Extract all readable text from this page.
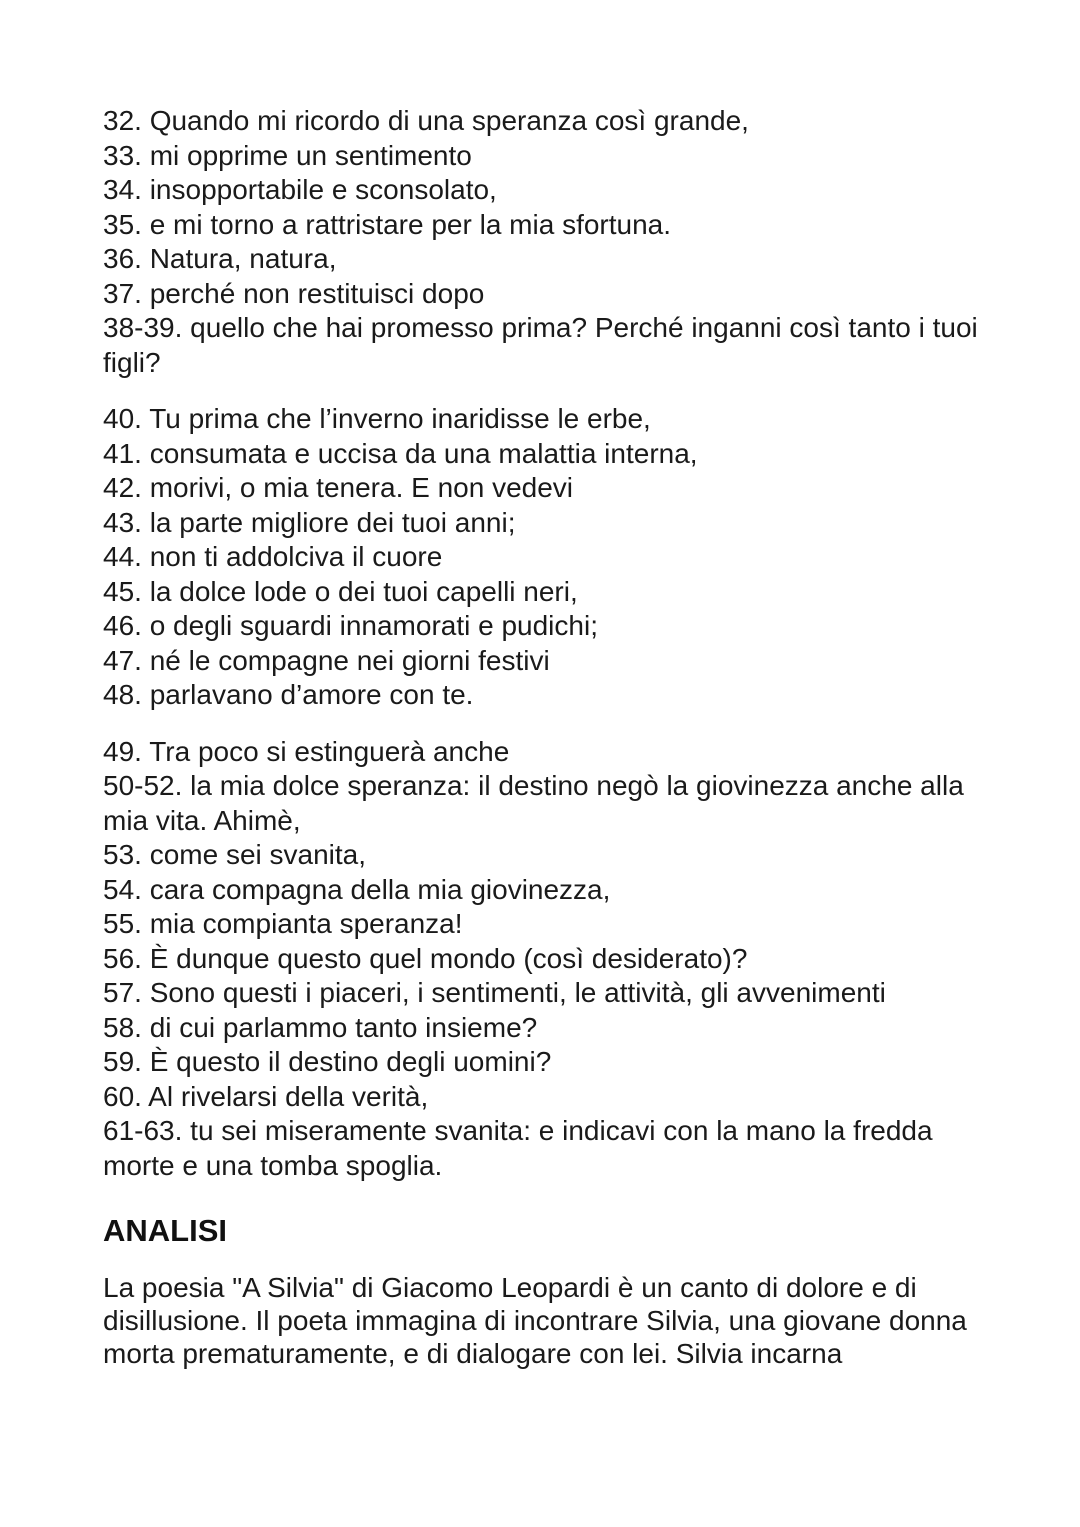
32. Quando mi ricordo di una speranza così grande,
33. mi opprime un sentimento
34. insopportabile e sconsolato,
35. e mi torno a rattristare per la mia sfortuna.
36. Natura, natura,
37. perché non restituisci dopo
38-39. quello che hai promesso prima? Perché inganni così tanto i tuoi figli?
40. Tu prima che l’inverno inaridisse le erbe,
41. consumata e uccisa da una malattia interna,
42. morivi, o mia tenera. E non vedevi
43. la parte migliore dei tuoi anni;
44. non ti addolciva il cuore
45. la dolce lode o dei tuoi capelli neri,
46. o degli sguardi innamorati e pudichi;
47. né le compagne nei giorni festivi
48. parlavano d’amore con te.
49. Tra poco si estinguerà anche
50-52. la mia dolce speranza: il destino negò la giovinezza anche alla mia vita. Ahimè,
53. come sei svanita,
54. cara compagna della mia giovinezza,
55. mia compianta speranza!
56. È dunque questo quel mondo (così desiderato)?
57. Sono questi i piaceri, i sentimenti, le attività, gli avvenimenti
58. di cui parlammo tanto insieme?
59. È questo il destino degli uomini?
60. Al rivelarsi della verità,
61-63. tu sei miseramente svanita: e indicavi con la mano la fredda morte e una tomba spoglia.
ANALISI

La poesia "A Silvia" di Giacomo Leopardi è un canto di dolore e di disillusione. Il poeta immagina di incontrare Silvia, una giovane donna morta prematuramente, e di dialogare con lei. Silvia incarna
